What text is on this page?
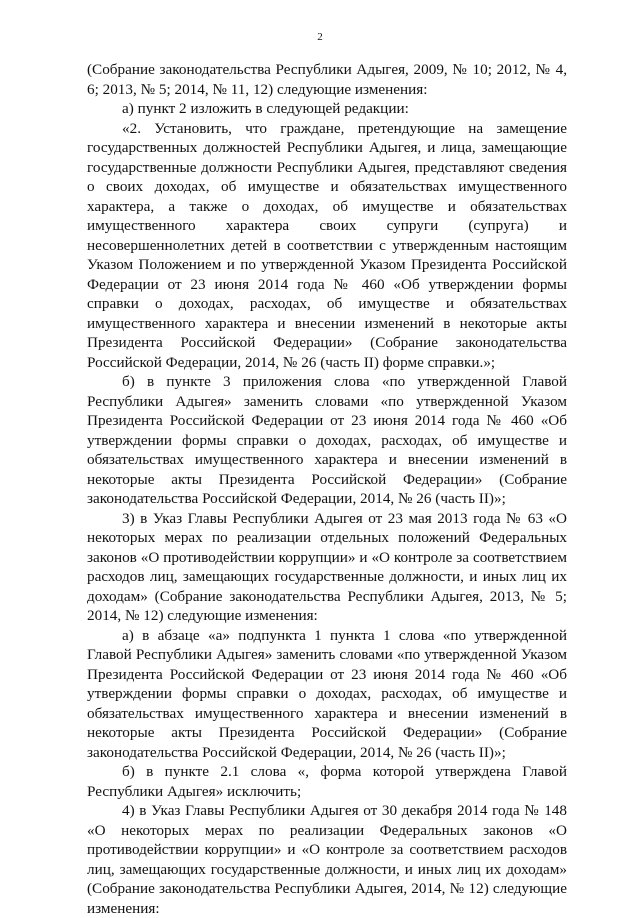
2

(Собрание законодательства Республики Адыгея, 2009, № 10; 2012, № 4, 6; 2013, № 5; 2014, № 11, 12) следующие изменения:

а) пункт 2 изложить в следующей редакции:

«2. Установить, что граждане, претендующие на замещение государственных должностей Республики Адыгея, и лица, замещающие государственные должности Республики Адыгея, представляют сведения о своих доходах, об имуществе и обязательствах имущественного характера, а также о доходах, об имуществе и обязательствах имущественного характера своих супруги (супруга) и несовершеннолетних детей в соответствии с утвержденным настоящим Указом Положением и по утвержденной Указом Президента Российской Федерации от 23 июня 2014 года № 460 «Об утверждении формы справки о доходах, расходах, об имуществе и обязательствах имущественного характера и внесении изменений в некоторые акты Президента Российской Федерации» (Собрание законодательства Российской Федерации, 2014, № 26 (часть II) форме справки.»;

б) в пункте 3 приложения слова «по утвержденной Главой Республики Адыгея» заменить словами «по утвержденной Указом Президента Российской Федерации от 23 июня 2014 года № 460 «Об утверждении формы справки о доходах, расходах, об имуществе и обязательствах имущественного характера и внесении изменений в некоторые акты Президента Российской Федерации» (Собрание законодательства Российской Федерации, 2014, № 26 (часть II)»;

3) в Указ Главы Республики Адыгея от 23 мая 2013 года № 63 «О некоторых мерах по реализации отдельных положений Федеральных законов «О противодействии коррупции» и «О контроле за соответствием расходов лиц, замещающих государственные должности, и иных лиц их доходам» (Собрание законодательства Республики Адыгея, 2013, № 5; 2014, № 12) следующие изменения:

а) в абзаце «а» подпункта 1 пункта 1 слова «по утвержденной Главой Республики Адыгея» заменить словами «по утвержденной Указом Президента Российской Федерации от 23 июня 2014 года № 460 «Об утверждении формы справки о доходах, расходах, об имуществе и обязательствах имущественного характера и внесении изменений в некоторые акты Президента Российской Федерации» (Собрание законодательства Российской Федерации, 2014, № 26 (часть II)»;

б) в пункте 2.1 слова «, форма которой утверждена Главой Республики Адыгея» исключить;

4) в Указ Главы Республики Адыгея от 30 декабря 2014 года № 148 «О некоторых мерах по реализации Федеральных законов «О противодействии коррупции» и «О контроле за соответствием расходов лиц, замещающих государственные должности, и иных лиц их доходам» (Собрание законодательства Республики Адыгея, 2014, № 12) следующие изменения:
